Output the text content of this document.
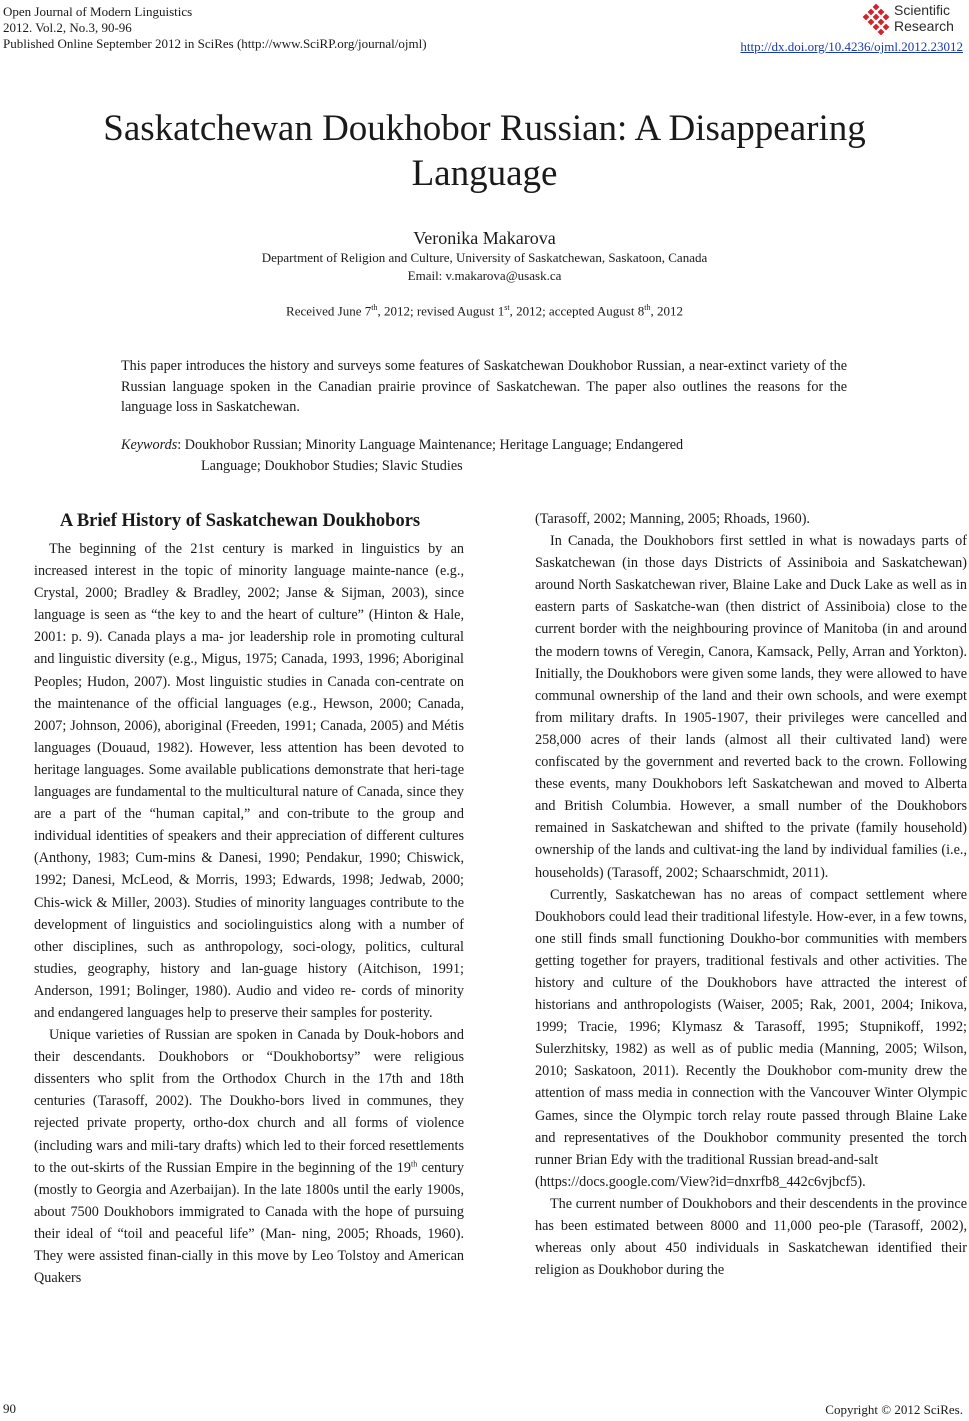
Open Journal of Modern Linguistics
2012. Vol.2, No.3, 90-96
Published Online September 2012 in SciRes (http://www.SciRP.org/journal/ojml)	http://dx.doi.org/10.4236/ojml.2012.23012
Scientific
Research
Saskatchewan Doukhobor Russian: A Disappearing Language
Veronika Makarova
Department of Religion and Culture, University of Saskatchewan, Saskatoon, Canada
Email: v.makarova@usask.ca
Received June 7th, 2012; revised August 1st, 2012; accepted August 8th, 2012

This paper introduces the history and surveys some features of Saskatchewan Doukhobor Russian, a near-extinct variety of the Russian language spoken in the Canadian prairie province of Saskatchewan. The paper also outlines the reasons for the language loss in Saskatchewan.

Keywords: Doukhobor Russian; Minority Language Maintenance; Heritage Language; Endangered
Language; Doukhobor Studies; Slavic Studies
A Brief History of Saskatchewan Doukhobors

The beginning of the 21st century is marked in linguistics by an increased interest in the topic of minority language mainte-nance (e.g., Crystal, 2000; Bradley & Bradley, 2002; Janse & Sijman, 2003), since language is seen as “the key to and the heart of culture” (Hinton & Hale, 2001: p. 9). Canada plays a ma- jor leadership role in promoting cultural and linguistic diversity (e.g., Migus, 1975; Canada, 1993, 1996; Aboriginal Peoples; Hudon, 2007). Most linguistic studies in Canada con-centrate on the maintenance of the official languages (e.g., Hewson, 2000; Canada, 2007; Johnson, 2006), aboriginal (Freeden, 1991; Canada, 2005) and Métis languages (Douaud, 1982). However, less attention has been devoted to heritage languages. Some available publications demonstrate that heri-tage languages are fundamental to the multicultural nature of Canada, since they are a part of the “human capital,” and con-tribute to the group and individual identities of speakers and their appreciation of different cultures (Anthony, 1983; Cum-mins & Danesi, 1990; Pendakur, 1990; Chiswick, 1992; Danesi, McLeod, & Morris, 1993; Edwards, 1998; Jedwab, 2000; Chis-wick & Miller, 2003). Studies of minority languages contribute to the development of linguistics and sociolinguistics along with a number of other disciplines, such as anthropology, soci-ology, politics, cultural studies, geography, history and lan-guage history (Aitchison, 1991; Anderson, 1991; Bolinger, 1980). Audio and video re- cords of minority and endangered languages help to preserve their samples for posterity.

Unique varieties of Russian are spoken in Canada by Douk-hobors and their descendants. Doukhobors or “Doukhobortsy” were religious dissenters who split from the Orthodox Church in the 17th and 18th centuries (Tarasoff, 2002). The Doukho-bors lived in communes, they rejected private property, ortho-dox church and all forms of violence (including wars and mili-tary drafts) which led to their forced resettlements to the out-skirts of the Russian Empire in the beginning of the 19th century (mostly to Georgia and Azerbaijan). In the late 1800s until the early 1900s, about 7500 Doukhobors immigrated to Canada with the hope of pursuing their ideal of “toil and peaceful life” (Man- ning, 2005; Rhoads, 1960). They were assisted finan-cially in this move by Leo Tolstoy and American Quakers

(Tarasoff, 2002; Manning, 2005; Rhoads, 1960).

In Canada, the Doukhobors first settled in what is nowadays parts of Saskatchewan (in those days Districts of Assiniboia and Saskatchewan) around North Saskatchewan river, Blaine Lake and Duck Lake as well as in eastern parts of Saskatche-wan (then district of Assiniboia) close to the current border with the neighbouring province of Manitoba (in and around the modern towns of Veregin, Canora, Kamsack, Pelly, Arran and Yorkton). Initially, the Doukhobors were given some lands, they were allowed to have communal ownership of the land and their own schools, and were exempt from military drafts. In 1905-1907, their privileges were cancelled and 258,000 acres of their lands (almost all their cultivated land) were confiscated by the government and reverted back to the crown. Following these events, many Doukhobors left Saskatchewan and moved to Alberta and British Columbia. However, a small number of the Doukhobors remained in Saskatchewan and shifted to the private (family household) ownership of the lands and cultivat-ing the land by individual families (i.e., households) (Tarasoff, 2002; Schaarschmidt, 2011).

Currently, Saskatchewan has no areas of compact settlement where Doukhobors could lead their traditional lifestyle. How-ever, in a few towns, one still finds small functioning Doukho-bor communities with members getting together for prayers, traditional festivals and other activities. The history and culture of the Doukhobors have attracted the interest of historians and anthropologists (Waiser, 2005; Rak, 2001, 2004; Inikova, 1999; Tracie, 1996; Klymasz & Tarasoff, 1995; Stupnikoff, 1992; Sulerzhitsky, 1982) as well as of public media (Manning, 2005; Wilson, 2010; Saskatoon, 2011). Recently the Doukhobor com-munity drew the attention of mass media in connection with the Vancouver Winter Olympic Games, since the Olympic torch relay route passed through Blaine Lake and representatives of the Doukhobor community presented the torch runner Brian Edy with the traditional Russian bread-and-salt

(https://docs.google.com/View?id=dnxrfb8_442c6vjbcf5).

The current number of Doukhobors and their descendents in the province has been estimated between 8000 and 11,000 peo-ple (Tarasoff, 2002), whereas only about 450 individuals in Saskatchewan identified their religion as Doukhobor during the

90	Copyright © 2012 SciRes.
